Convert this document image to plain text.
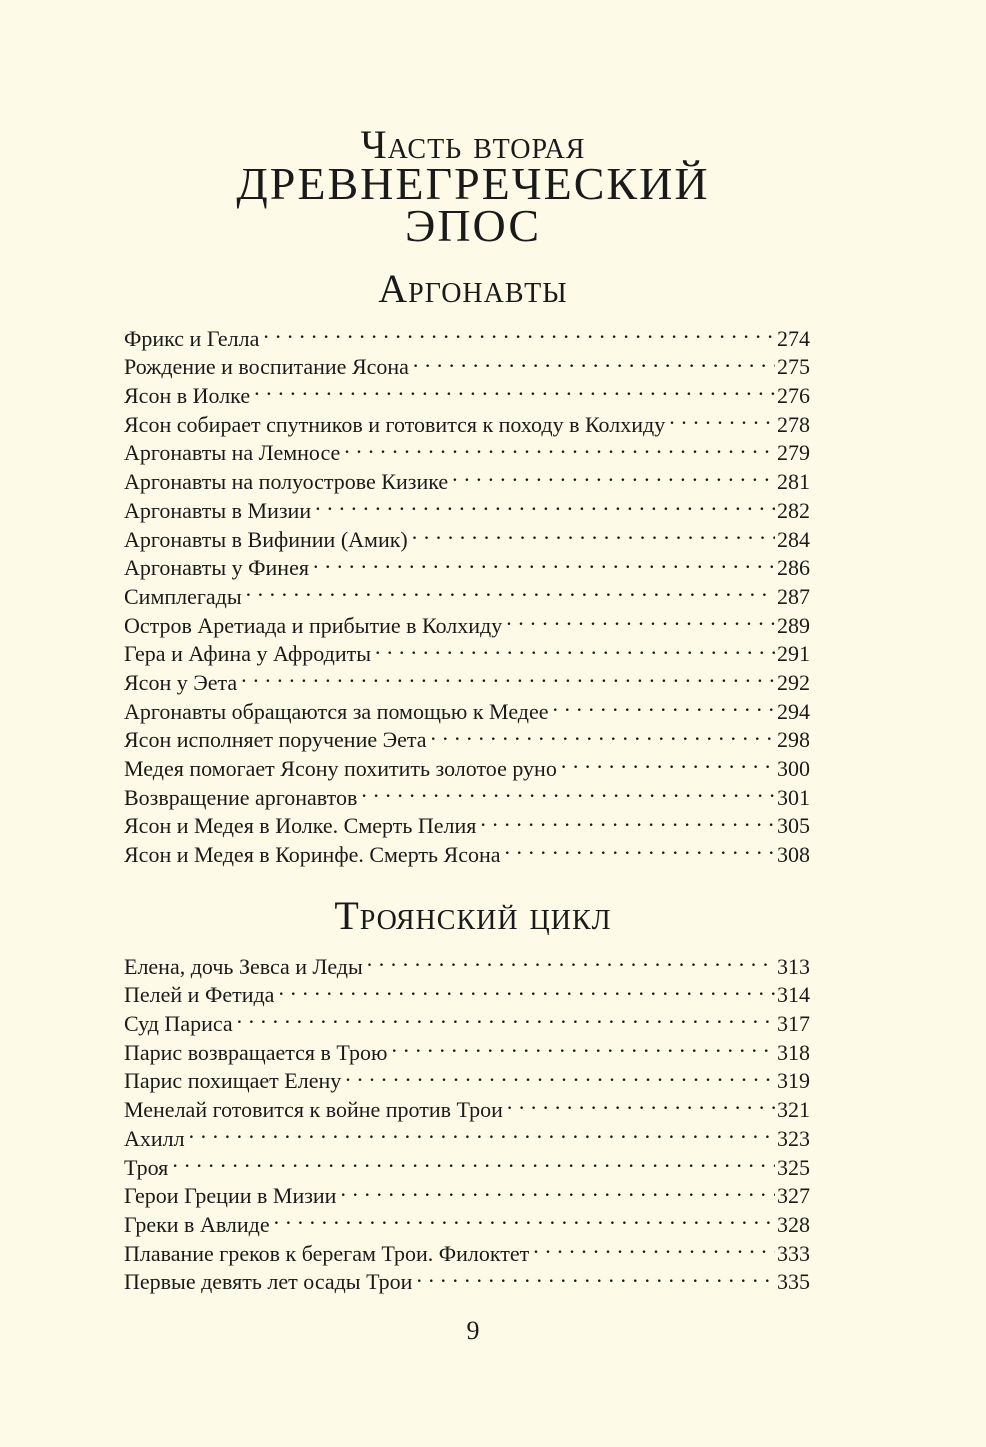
Часть вторая
ДРЕВНЕГРЕЧЕСКИЙ
ЭПОС
Аргонавты
Фрикс и Гелла . . .	274
Рождение и воспитание Ясона . . .	275
Ясон в Иолке . . .	276
Ясон собирает спутников и готовится к походу в Колхиду . . .	278
Аргонавты на Лемносе . . .	279
Аргонавты на полуострове Кизике . . .	281
Аргонавты в Мизии . . .	282
Аргонавты в Вифинии (Амик) . . .	284
Аргонавты у Финея . . .	286
Симплегады . . .	287
Остров Аретиада и прибытие в Колхиду . . .	289
Гера и Афина у Афродиты . . .	291
Ясон у Эета . . .	292
Аргонавты обращаются за помощью к Медее . . .	294
Ясон исполняет поручение Эета . . .	298
Медея помогает Ясону похитить золотое руно . . .	300
Возвращение аргонавтов . . .	301
Ясон и Медея в Иолке. Смерть Пелия . . .	305
Ясон и Медея в Коринфе. Смерть Ясона . . .	308
Троянский цикл
Елена, дочь Зевса и Леды . . .	313
Пелей и Фетида . . .	314
Суд Париса . . .	317
Парис возвращается в Трою . . .	318
Парис похищает Елену . . .	319
Менелай готовится к войне против Трои . . .	321
Ахилл . . .	323
Троя . . .	325
Герои Греции в Мизии . . .	327
Греки в Авлиде . . .	328
Плавание греков к берегам Трои. Филоктет . . .	333
Первые девять лет осады Трои . . .	335
9
